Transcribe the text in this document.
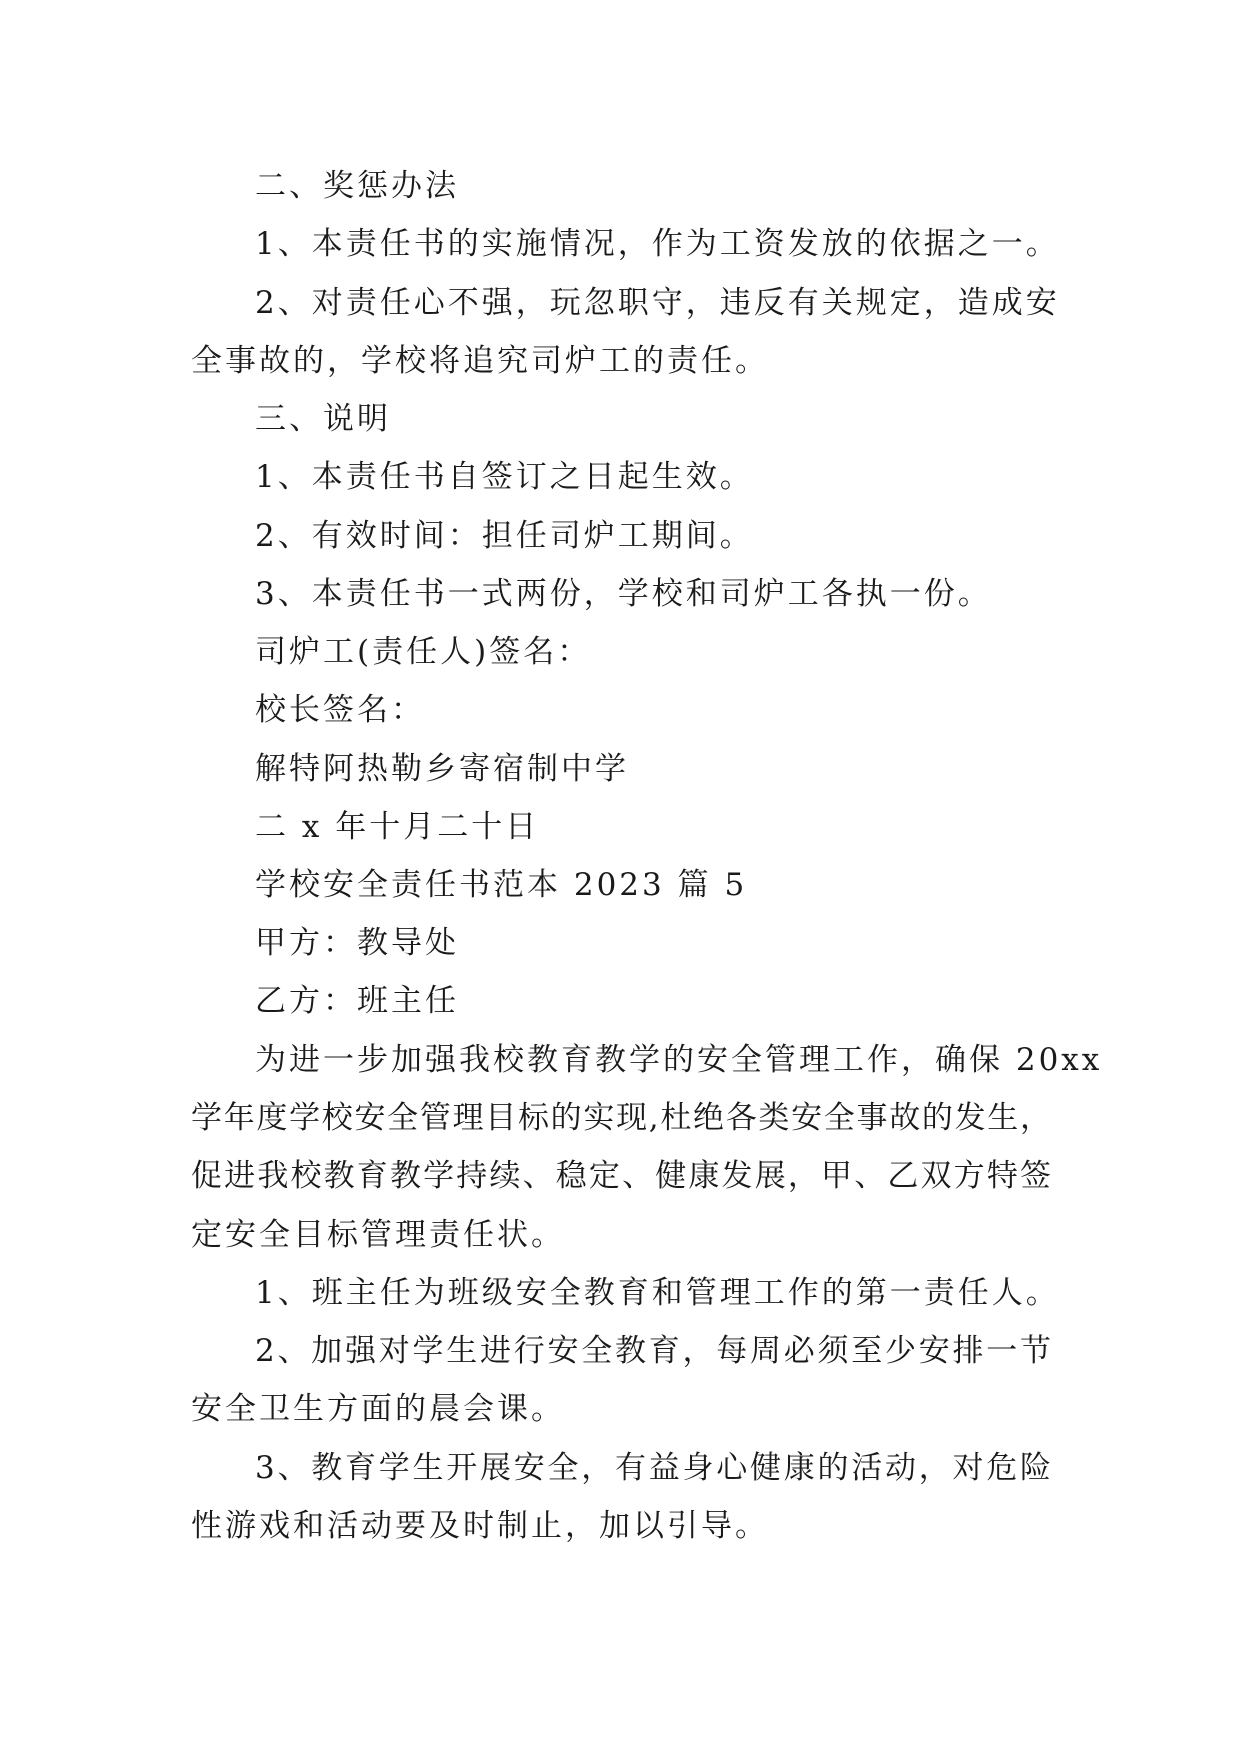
二、奖惩办法
1、本责任书的实施情况，作为工资发放的依据之一。
2、对责任心不强，玩忽职守，违反有关规定，造成安
全事故的，学校将追究司炉工的责任。
三、说明
1、本责任书自签订之日起生效。
2、有效时间：担任司炉工期间。
3、本责任书一式两份，学校和司炉工各执一份。
司炉工(责任人)签名：
校长签名：
解特阿热勒乡寄宿制中学
二 x 年十月二十日
学校安全责任书范本 2023 篇 5
甲方：教导处
乙方：班主任
为进一步加强我校教育教学的安全管理工作，确保 20xx
学年度学校安全管理目标的实现,杜绝各类安全事故的发生，
促进我校教育教学持续、稳定、健康发展，甲、乙双方特签
定安全目标管理责任状。
1、班主任为班级安全教育和管理工作的第一责任人。
2、加强对学生进行安全教育，每周必须至少安排一节
安全卫生方面的晨会课。
3、教育学生开展安全，有益身心健康的活动，对危险
性游戏和活动要及时制止，加以引导。
